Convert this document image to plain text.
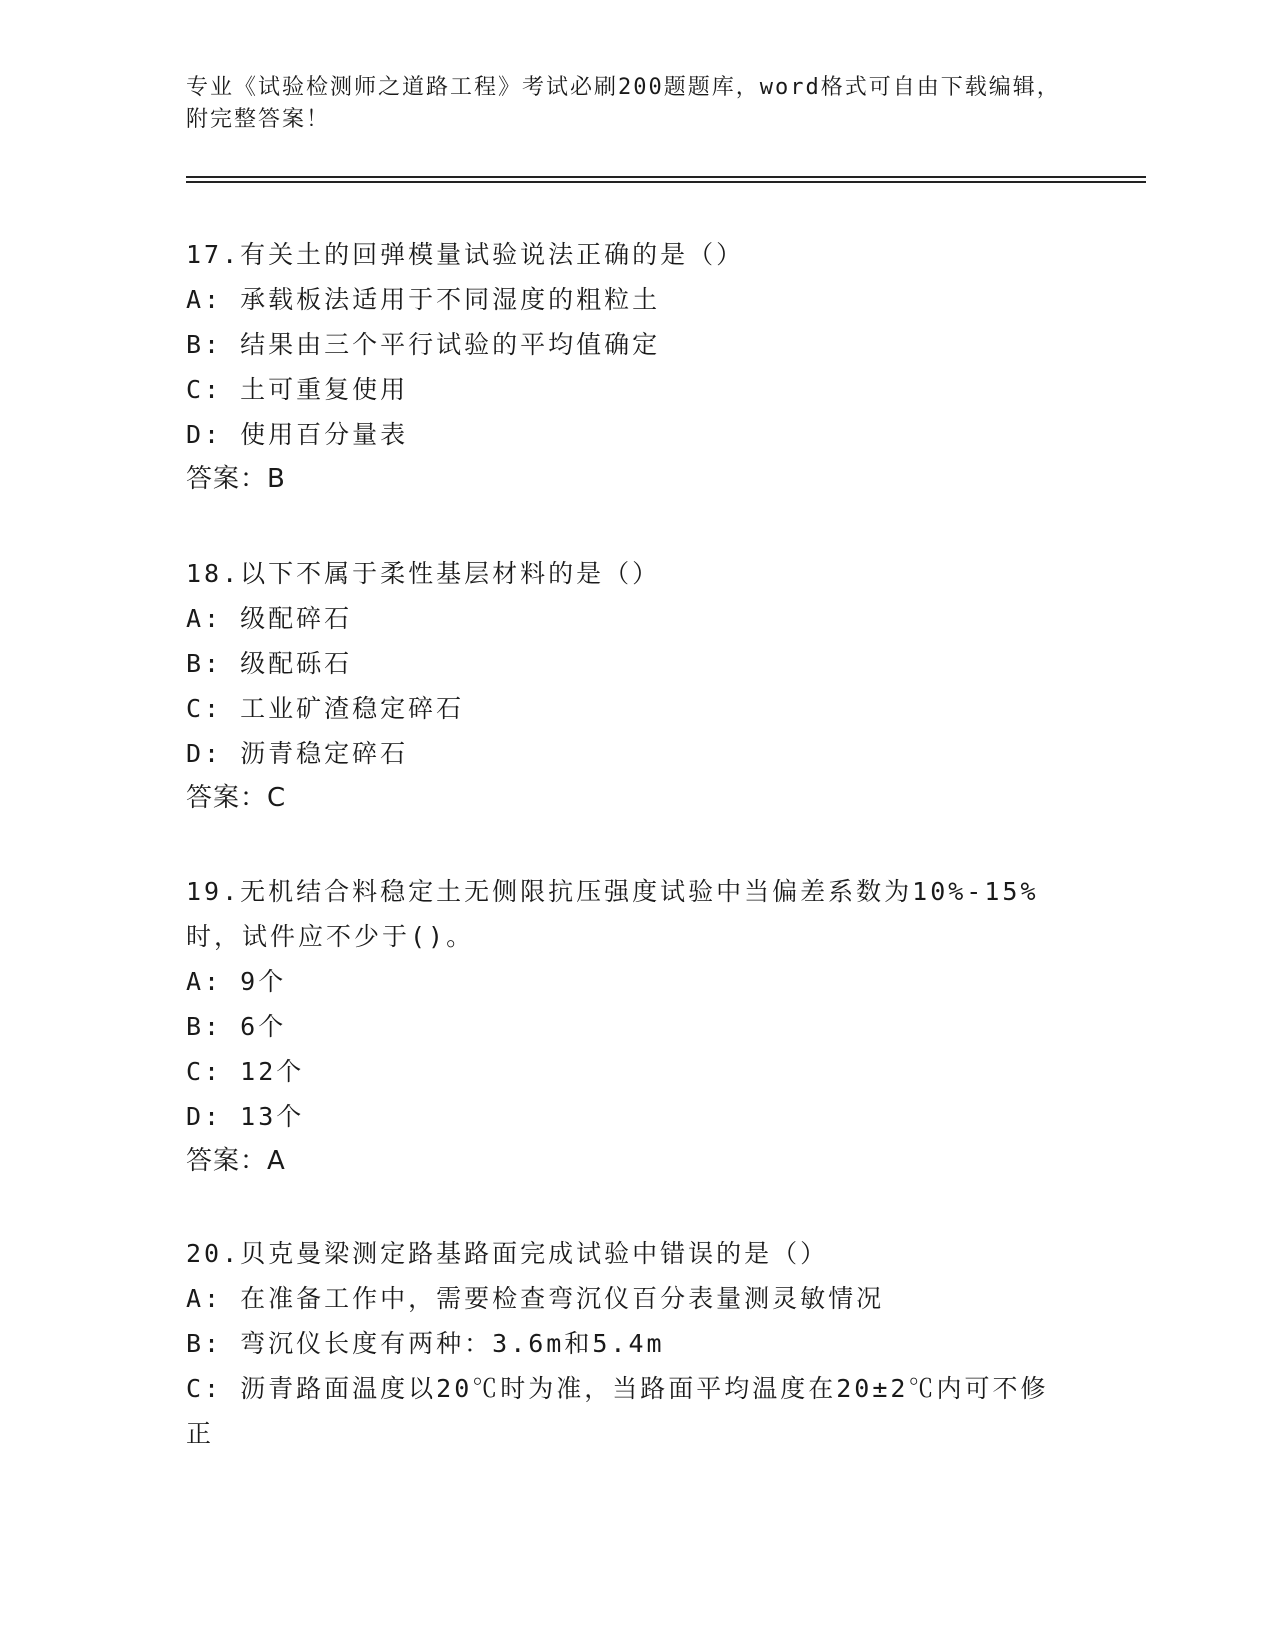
专业《试验检测师之道路工程》考试必刷200题题库，word格式可自由下载编辑，附完整答案！
17.有关土的回弹模量试验说法正确的是（）
A: 承载板法适用于不同湿度的粗粒土
B: 结果由三个平行试验的平均值确定
C: 土可重复使用
D: 使用百分量表
答案：B
18.以下不属于柔性基层材料的是（）
A: 级配碎石
B: 级配砾石
C: 工业矿渣稳定碎石
D: 沥青稳定碎石
答案：C
19.无机结合料稳定土无侧限抗压强度试验中当偏差系数为10%-15%时，试件应不少于()。
A: 9个
B: 6个
C: 12个
D: 13个
答案：A
20.贝克曼梁测定路基路面完成试验中错误的是（）
A: 在准备工作中，需要检查弯沉仪百分表量测灵敏情况
B: 弯沉仪长度有两种：3.6m和5.4m
C: 沥青路面温度以20℃时为准，当路面平均温度在20±2℃内可不修正
